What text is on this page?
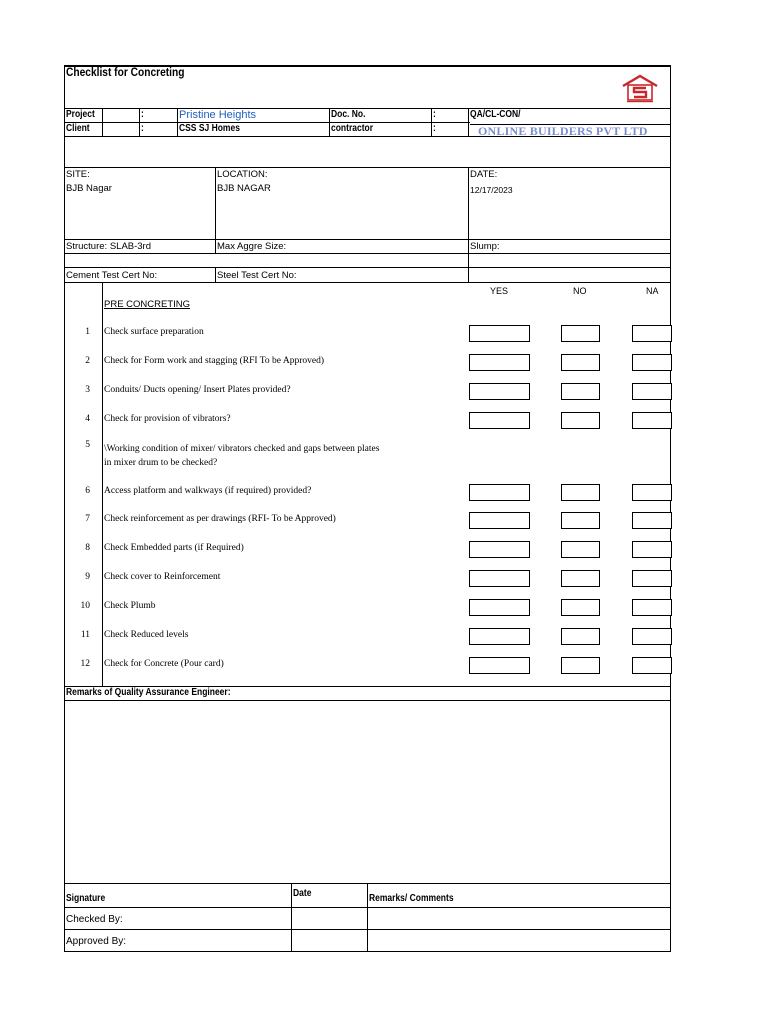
Checklist for Concreting
Project	:	Pristine Heights	Doc. No.	:	QA/CL-CON/
Client	:	CSS SJ Homes	contractor	:	ONLINE BUILDERS PVT LTD
SITE:
BJB Nagar
LOCATION:
BJB NAGAR
DATE:
12/17/2023
Structure: SLAB-3rd	Max Aggre Size:	Slump:
Cement Test Cert No:	Steel Test Cert No:
YES	NO	NA
PRE CONCRETING
1 Check surface preparation
2 Check for Form work and stagging (RFI To be Approved)
3 Conduits/ Ducts opening/ Insert Plates provided?
4 Check for provision of vibrators?
5 \Working condition of mixer/ vibrators checked and gaps between plates
in mixer drum to be checked?
6 Access platform and walkways (if required) provided?
7 Check reinforcement as per drawings (RFI- To be Approved)
8 Check Embedded parts (if Required)
9 Check cover to Reinforcement
10 Check Plumb
11 Check Reduced levels
12 Check for Concrete (Pour card)
Remarks of Quality Assurance Engineer:
Signature	Date	Remarks/ Comments
Checked By:
Approved By:
